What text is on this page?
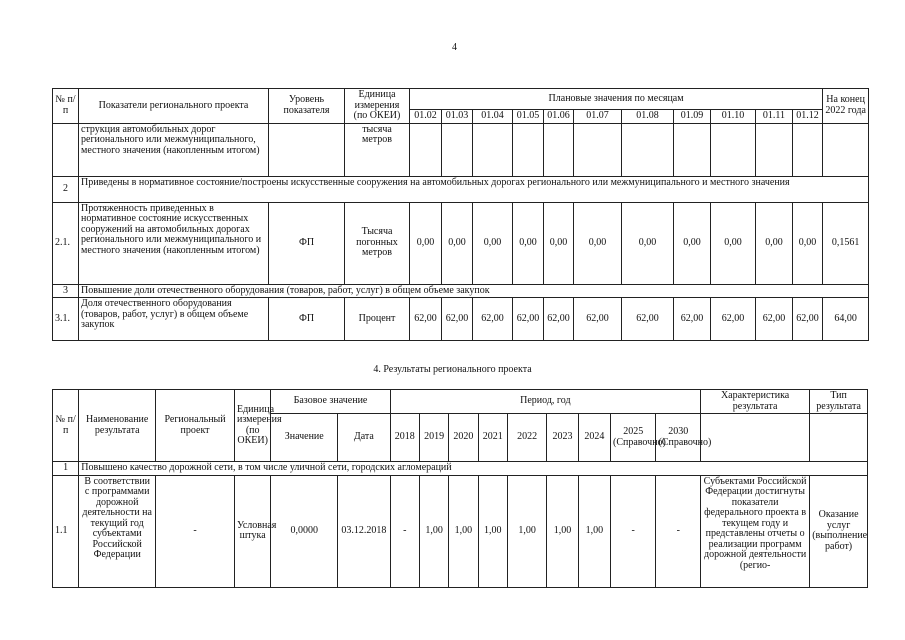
4
№ п/п	Показатели регионального проекта	Уровень показателя	Единица измерения (по ОКЕИ)	Плановые значения по месяцам											На конец 2022 года
				01.02	01.03	01.04	01.05	01.06	01.07	01.08	01.09	01.10	01.11	01.12	
	струкция автомобильных дорог регионального или межмуниципального, местного значения (накопленным итогом)		тысяча метров												
2	Приведены в нормативное состояние/построены искусственные сооружения на автомобильных дорогах регионального или межмуниципального и местного значения														
2.1.	Протяженность приведенных в нормативное состояние искусственных сооружений на автомобильных дорогах регионального или межмуниципального и местного значения (накопленным итогом)	ФП	Тысяча погонных метров	0,00	0,00	0,00	0,00	0,00	0,00	0,00	0,00	0,00	0,00	0,00	0,1561
3	Повышение доли отечественного оборудования (товаров, работ, услуг) в общем объеме закупок														
3.1.	Доля отечественного оборудования (товаров, работ, услуг) в общем объеме закупок	ФП	Процент	62,00	62,00	62,00	62,00	62,00	62,00	62,00	62,00	62,00	62,00	62,00	64,00
4. Результаты регионального проекта
№ п/п	Наименование результата	Региональный проект	Единица измерения (по ОКЕИ)	Базовое значение		Период, год									Характеристика результата	Тип результата
				Значение	Дата	2018	2019	2020	2021	2022	2023	2024	2025 (Справочно)	2030 (Справочно)		
1	Повышено качество дорожной сети, в том числе уличной сети, городских агломераций															
1.1	В соответствии с программами дорожной деятельности на текущий год субъектами Российской Федерации	-	Условная штука	0,0000	03.12.2018	-	1,00	1,00	1,00	1,00	1,00	1,00	-	-	Субъектами Российской Федерации достигнуты показатели федерального проекта в текущем году и представлены отчеты о реализации программ дорожной деятельности (регио-	Оказание услуг (выполнение работ)
